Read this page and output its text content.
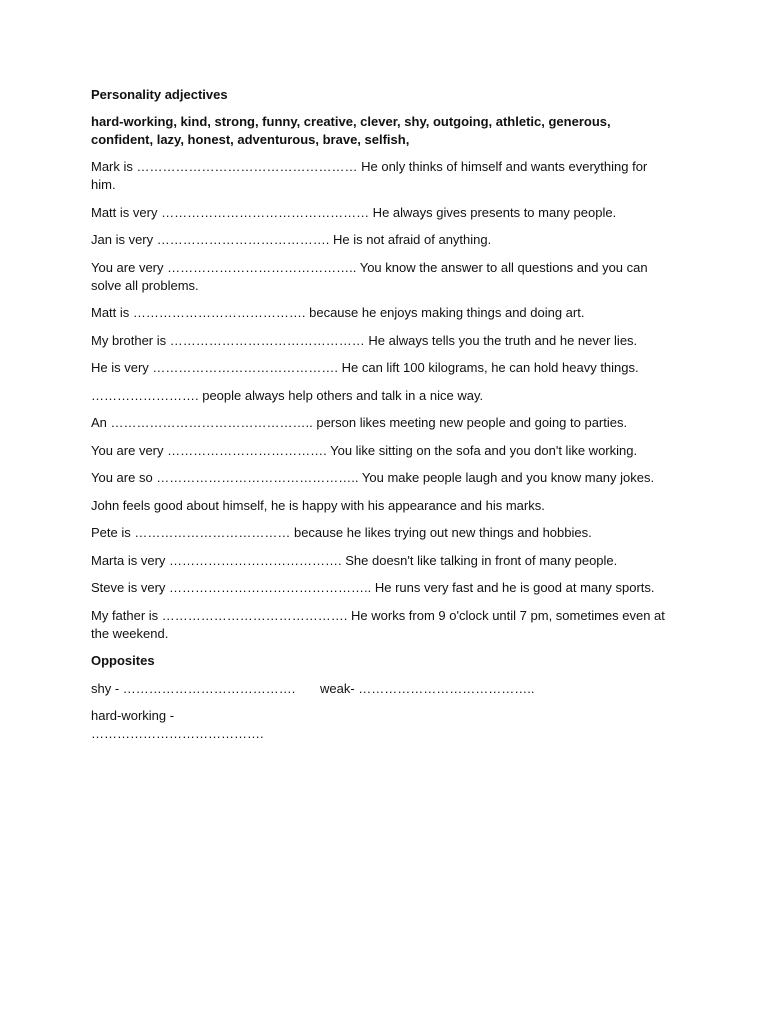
Personality adjectives
hard-working, kind, strong, funny, creative, clever, shy, outgoing, athletic, generous, confident, lazy, honest, adventurous, brave, selfish,
Mark is …………………………………………… He only thinks of himself and wants everything for him.
Matt is very ………………………………………… He always gives presents to many people.
Jan is very …………………………………. He is not afraid of anything.
You are very …………………………………….. You know the answer to all questions and you can solve all problems.
Matt is …………………………………. because he enjoys making things and doing art.
My brother is ……………………………………… He always tells you the truth and he never lies.
He is very ……………………………………. He can lift 100 kilograms, he can hold heavy things.
……………………. people always help others and talk in a nice way.
An ……………………………………….. person likes meeting new people and going to parties.
You are very ………………………………. You like sitting on the sofa and you don't like working.
You are so ……………………………………….. You make people laugh and you know many jokes.
John feels good about himself, he is happy with his appearance and his marks.
Pete is ……………………………… because he likes trying out new things and hobbies.
Marta is very …………………………………. She doesn't like talking in front of many people.
Steve is very ……………………………………….. He runs very fast and he is good at many sports.
My father is ……………………………………. He works from 9 o'clock until 7 pm, sometimes even at the weekend.
Opposites
shy - ………………………………….	weak- …………………………………..
hard-working - ………………………………….
